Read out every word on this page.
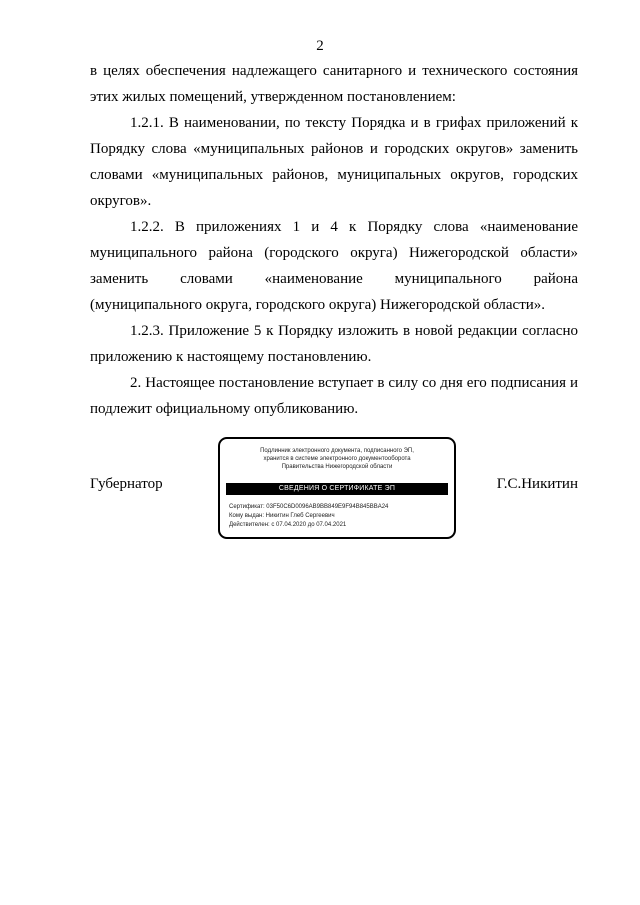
2

в целях обеспечения надлежащего санитарного и технического состояния этих жилых помещений, утвержденном постановлением:

1.2.1. В наименовании, по тексту Порядка и в грифах приложений к Порядку слова «муниципальных районов и городских округов» заменить словами «муниципальных районов, муниципальных округов, городских округов».

1.2.2. В приложениях 1 и 4 к Порядку слова «наименование муниципального района (городского округа) Нижегородской области» заменить словами «наименование муниципального района (муниципального округа, городского округа) Нижегородской области».

1.2.3. Приложение 5 к Порядку изложить в новой редакции согласно приложению к настоящему постановлению.

2. Настоящее постановление вступает в силу со дня его подписания и подлежит официальному опубликованию.

Губернатор
Подлинник электронного документа, подписанного ЭП,
хранится в системе электронного документооборота
Правительства Нижегородской области
СВЕДЕНИЯ О СЕРТИФИКАТЕ ЭП
Сертификат: 03F50C6D0096AB9BB849E9F94B845BBA24
Кому выдан: Никитин Глеб Сергеевич
Действителен: с 07.04.2020 до 07.04.2021
Г.С.Никитин
